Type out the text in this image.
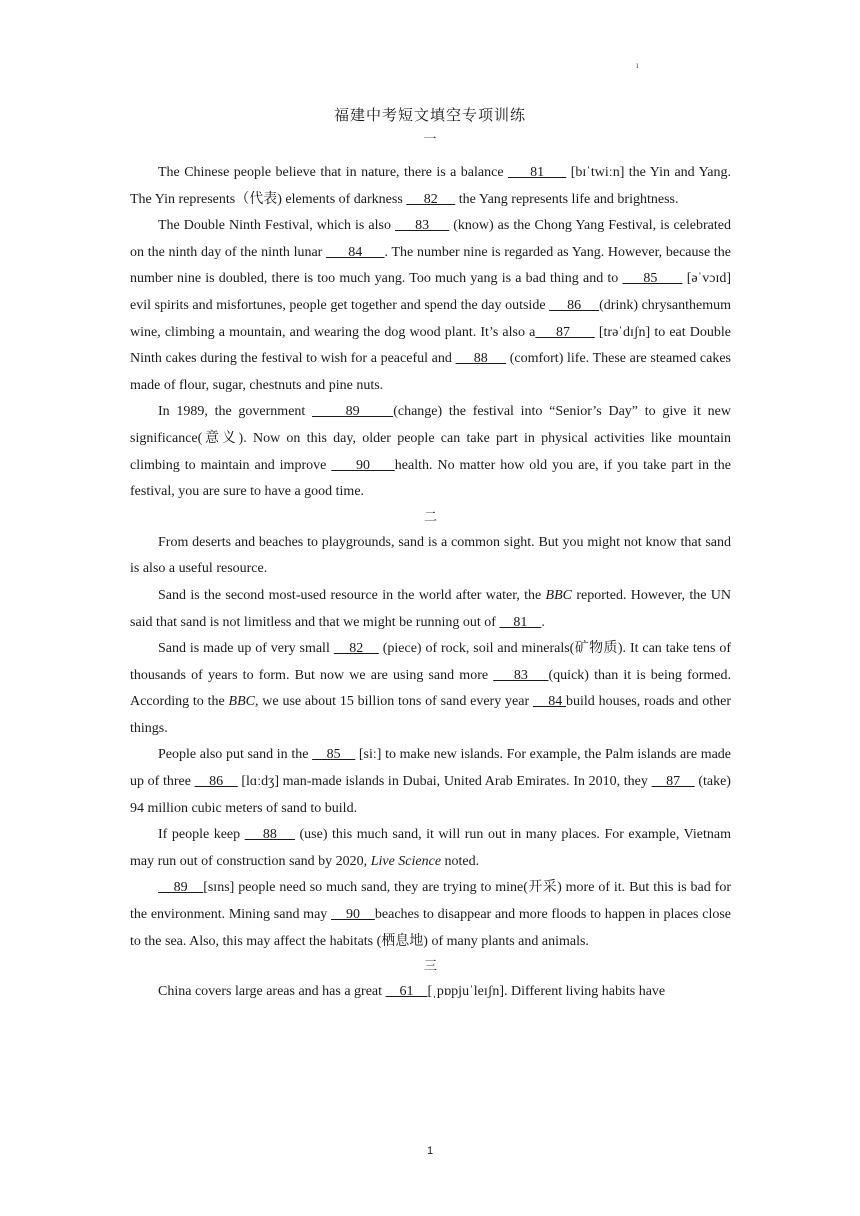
ı
福建中考短文填空专项训练
一

The Chinese people believe that in nature, there is a balance      81      [bɪˈtwiːn] the Yin and Yang. The Yin represents（代表) elements of darkness      82      the Yang represents life and brightness.

The Double Ninth Festival, which is also      83      (know) as the Chong Yang Festival, is celebrated on the ninth day of the ninth lunar       84      . The number nine is regarded as Yang. However, because the number nine is doubled, there is too much yang. Too much yang is a bad thing and to      85       [əˈvɔɪd] evil spirits and misfortunes, people get together and spend the day outside      86     (drink) chrysanthemum wine, climbing a mountain, and wearing the dog wood plant. It’s also a     87       [trəˈdɪʃn] to eat Double Ninth cakes during the festival to wish for a peaceful and      88      (comfort) life. These are steamed cakes made of flour, sugar, chestnuts and pine nuts.

In 1989, the government      89     (change) the festival into “Senior’s Day” to give it new significance(意义). Now on this day, older people can take part in physical activities like mountain climbing to maintain and improve      90     health. No matter how old you are, if you take part in the festival, you are sure to have a good time.

二

From deserts and beaches to playgrounds, sand is a common sight. But you might not know that sand is also a useful resource.

Sand is the second most-used resource in the world after water, the BBC reported. However, the UN said that sand is not limitless and that we might be running out of     81    .

Sand is made up of very small     82     (piece) of rock, soil and minerals(矿物质). It can take tens of thousands of years to form. But now we are using sand more     83    (quick) than it is being formed. According to the BBC, we use about 15 billion tons of sand every year     84 build houses, roads and other things.

People also put sand in the     85     [siː] to make new islands. For example, the Palm islands are made up of three     86     [lɑːdʒ] man-made islands in Dubai, United Arab Emirates. In 2010, they     87     (take) 94 million cubic meters of sand to build.

If people keep     88     (use) this much sand, it will run out in many places. For example, Vietnam may run out of construction sand by 2020, Live Science noted.

89    [sɪns] people need so much sand, they are trying to mine(开采) more of it. But this is bad for the environment. Mining sand may     90    beaches to disappear and more floods to happen in places close to the sea. Also, this may affect the habitats (栖息地) of many plants and animals.

三

China covers large areas and has a great     61    [ˌpɒpjuˈleɪʃn]. Different living habits have

1
